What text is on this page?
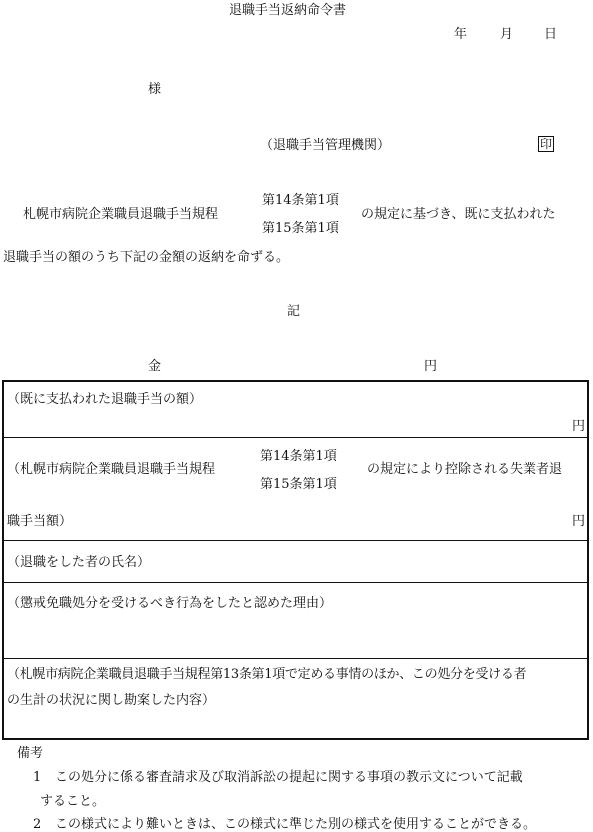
退職手当返納命令書
年	月 日
様
（退職手当管理機関）	印
札幌市病院企業職員退職手当規程
第14条第1項
第15条第1項
の規定に基づき、既に支払われた
退職手当の額のうち下記の金額の返納を命ずる。
記
金	円
（既に支払われた退職手当の額）
円
（札幌市病院企業職員退職手当規程
第14条第1項
第15条第1項
の規定により控除される失業者退
職手当額）	円
（退職をした者の氏名）
（懲戒免職処分を受けるべき行為をしたと認めた理由）
（札幌市病院企業職員退職手当規程第13条第1項で定める事情のほか、この処分を受ける者
の生計の状況に関し勘案した内容）
備考
1 この処分に係る審査請求及び取消訴訟の提起に関する事項の教示文について記載
すること。
2 この様式により難いときは、この様式に準じた別の様式を使用することができる。
